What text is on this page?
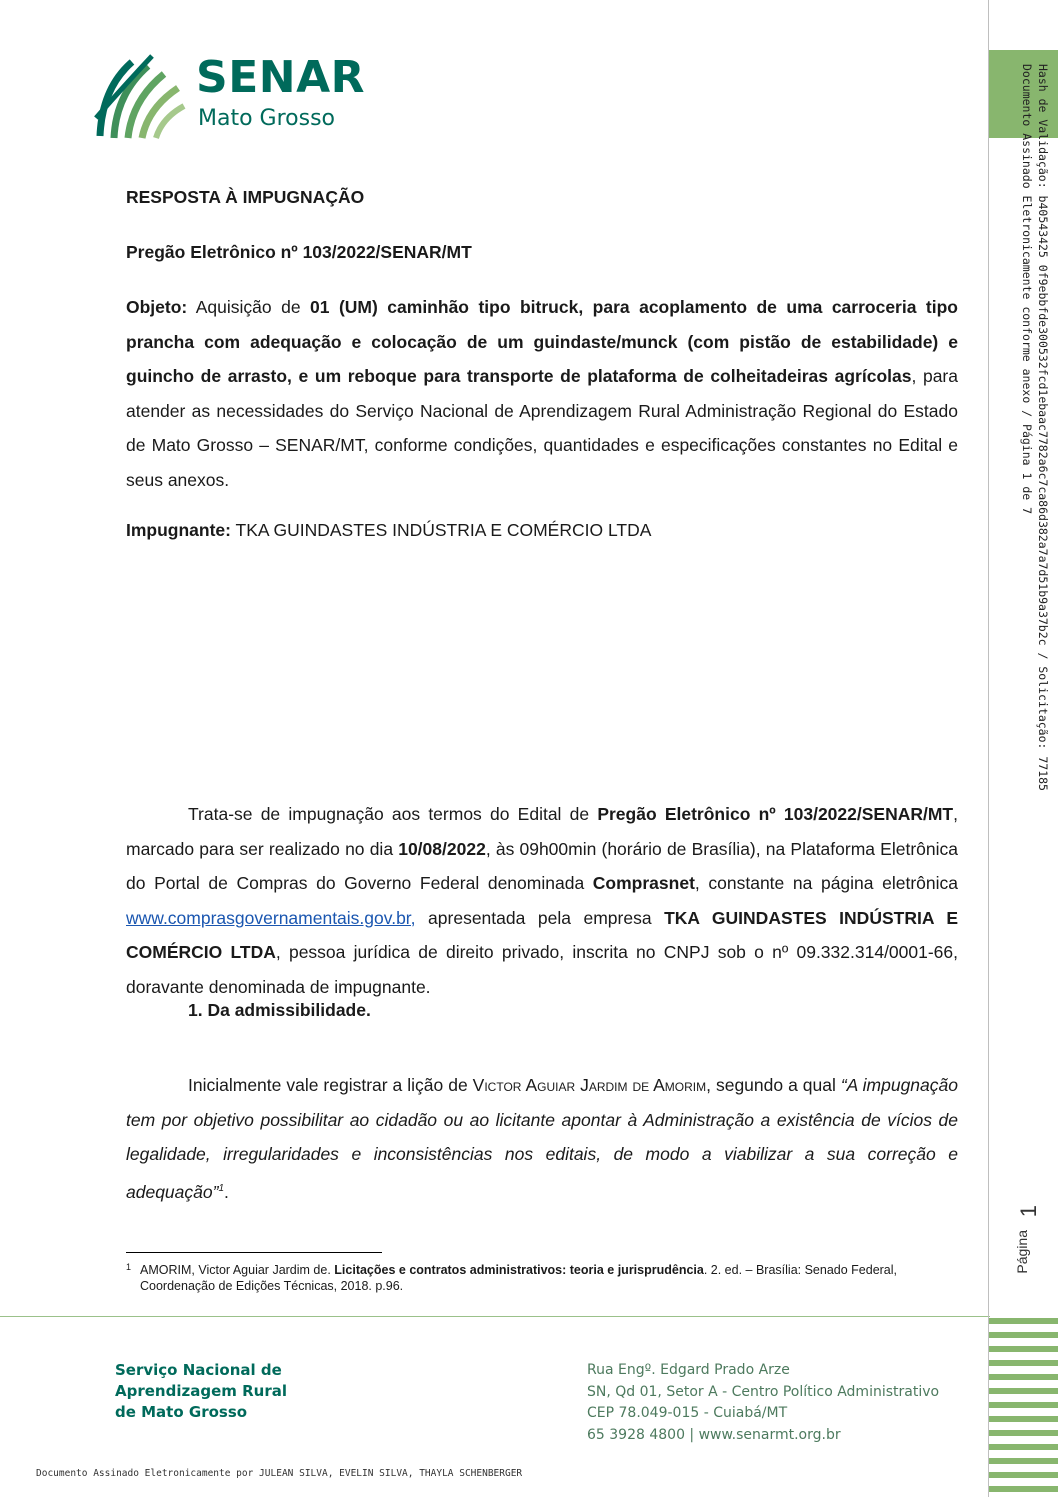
SENAR
Mato Grosso
RESPOSTA À IMPUGNAÇÃO
Pregão Eletrônico nº 103/2022/SENAR/MT
Objeto: Aquisição de 01 (UM) caminhão tipo bitruck, para acoplamento de uma carroceria tipo prancha com adequação e colocação de um guindaste/munck (com pistão de estabilidade) e guincho de arrasto, e um reboque para transporte de plataforma de colheitadeiras agrícolas, para atender as necessidades do Serviço Nacional de Aprendizagem Rural Administração Regional do Estado de Mato Grosso – SENAR/MT, conforme condições, quantidades e especificações constantes no Edital e seus anexos.
Impugnante: TKA GUINDASTES INDÚSTRIA E COMÉRCIO LTDA
Trata-se de impugnação aos termos do Edital de Pregão Eletrônico nº 103/2022/SENAR/MT, marcado para ser realizado no dia 10/08/2022, às 09h00min (horário de Brasília), na Plataforma Eletrônica do Portal de Compras do Governo Federal denominada Comprasnet, constante na página eletrônica www.comprasgovernamentais.gov.br, apresentada pela empresa TKA GUINDASTES INDÚSTRIA E COMÉRCIO LTDA, pessoa jurídica de direito privado, inscrita no CNPJ sob o nº 09.332.314/0001-66, doravante denominada de impugnante.
1. Da admissibilidade.
Inicialmente vale registrar a lição de Victor Aguiar Jardim de Amorim, segundo a qual “A impugnação tem por objetivo possibilitar ao cidadão ou ao licitante apontar à Administração a existência de vícios de legalidade, irregularidades e inconsistências nos editais, de modo a viabilizar a sua correção e adequação”$^1$.
1 AMORIM, Victor Aguiar Jardim de. Licitações e contratos administrativos: teoria e jurisprudência. 2. ed. – Brasília: Senado Federal, Coordenação de Edições Técnicas, 2018. p.96.
Serviço Nacional de
Aprendizagem Rural
de Mato Grosso
Rua Engº. Edgard Prado Arze
SN, Qd 01, Setor A - Centro Político Administrativo
CEP 78.049-015 - Cuiabá/MT
65 3928 4800 | www.senarmt.org.br
Documento Assinado Eletronicamente por JULEAN SILVA, EVELIN SILVA, THAYLA SCHENBERGER
Hash de Validação: b40543425 0f9ebbfde300532fcd1ebaac7782a6c7ca86d382a7a7d51b9a37b2c / Solicitação: 77185
Documento Assinado Eletronicamente conforme anexo / Página 1 de 7
1
Página
